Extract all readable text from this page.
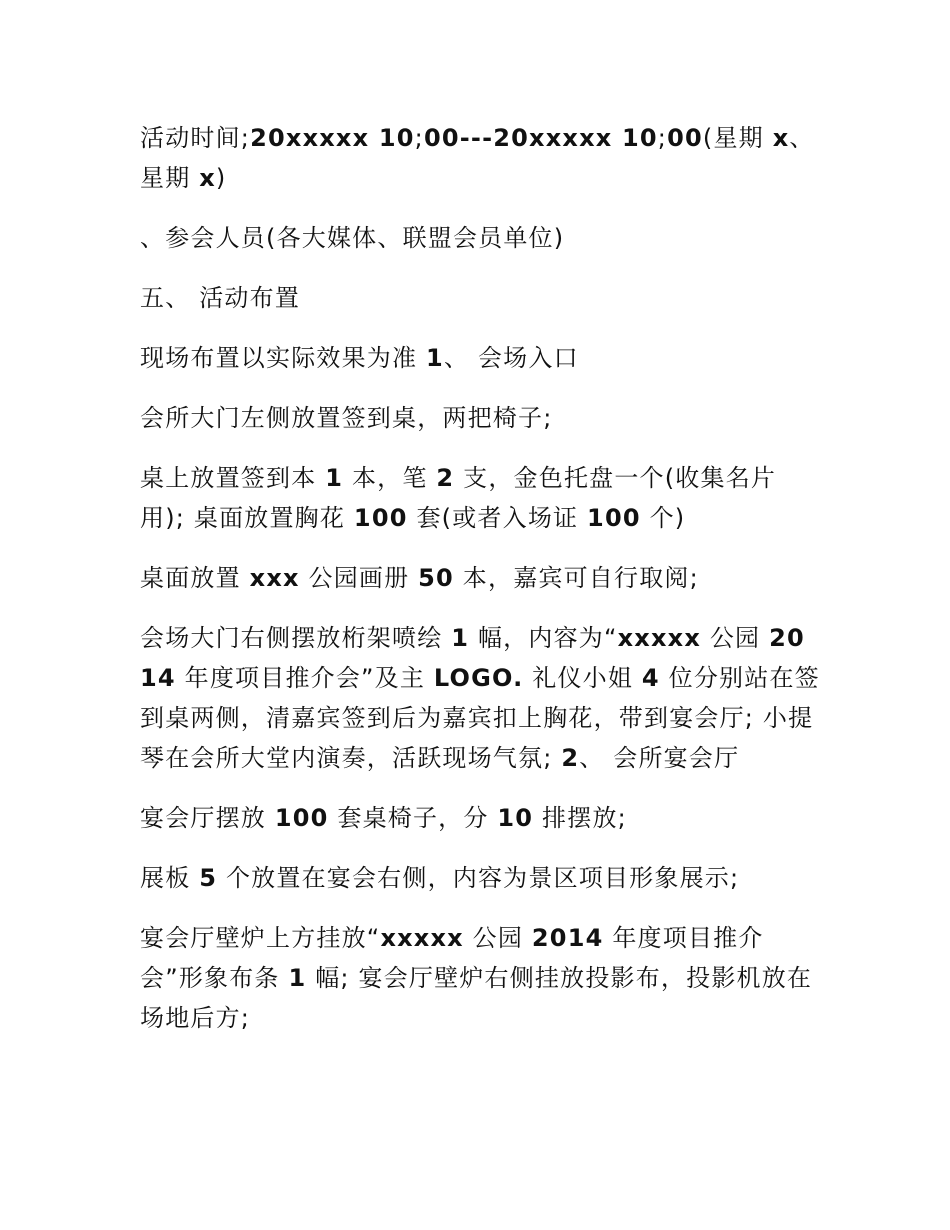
活动时间;20xxxxx 10;00---20xxxxx 10;00(星期 x、星期 x)

、参会人员(各大媒体、联盟会员单位)

五、 活动布置

现场布置以实际效果为准 1、 会场入口

会所大门左侧放置签到桌，两把椅子;

桌上放置签到本 1 本，笔 2 支，金色托盘一个(收集名片用); 桌面放置胸花 100 套(或者入场证 100 个)

桌面放置 xxx 公园画册 50 本，嘉宾可自行取阅;

会场大门右侧摆放桁架喷绘 1 幅，内容为“xxxxx 公园 2014 年度项目推介会”及主 LOGO. 礼仪小姐 4 位分别站在签到桌两侧，清嘉宾签到后为嘉宾扣上胸花，带到宴会厅; 小提琴在会所大堂内演奏，活跃现场气氛; 2、 会所宴会厅

宴会厅摆放 100 套桌椅子，分 10 排摆放;

展板 5 个放置在宴会右侧，内容为景区项目形象展示;

宴会厅壁炉上方挂放“xxxxx 公园 2014 年度项目推介会”形象布条 1 幅; 宴会厅壁炉右侧挂放投影布，投影机放在场地后方;
